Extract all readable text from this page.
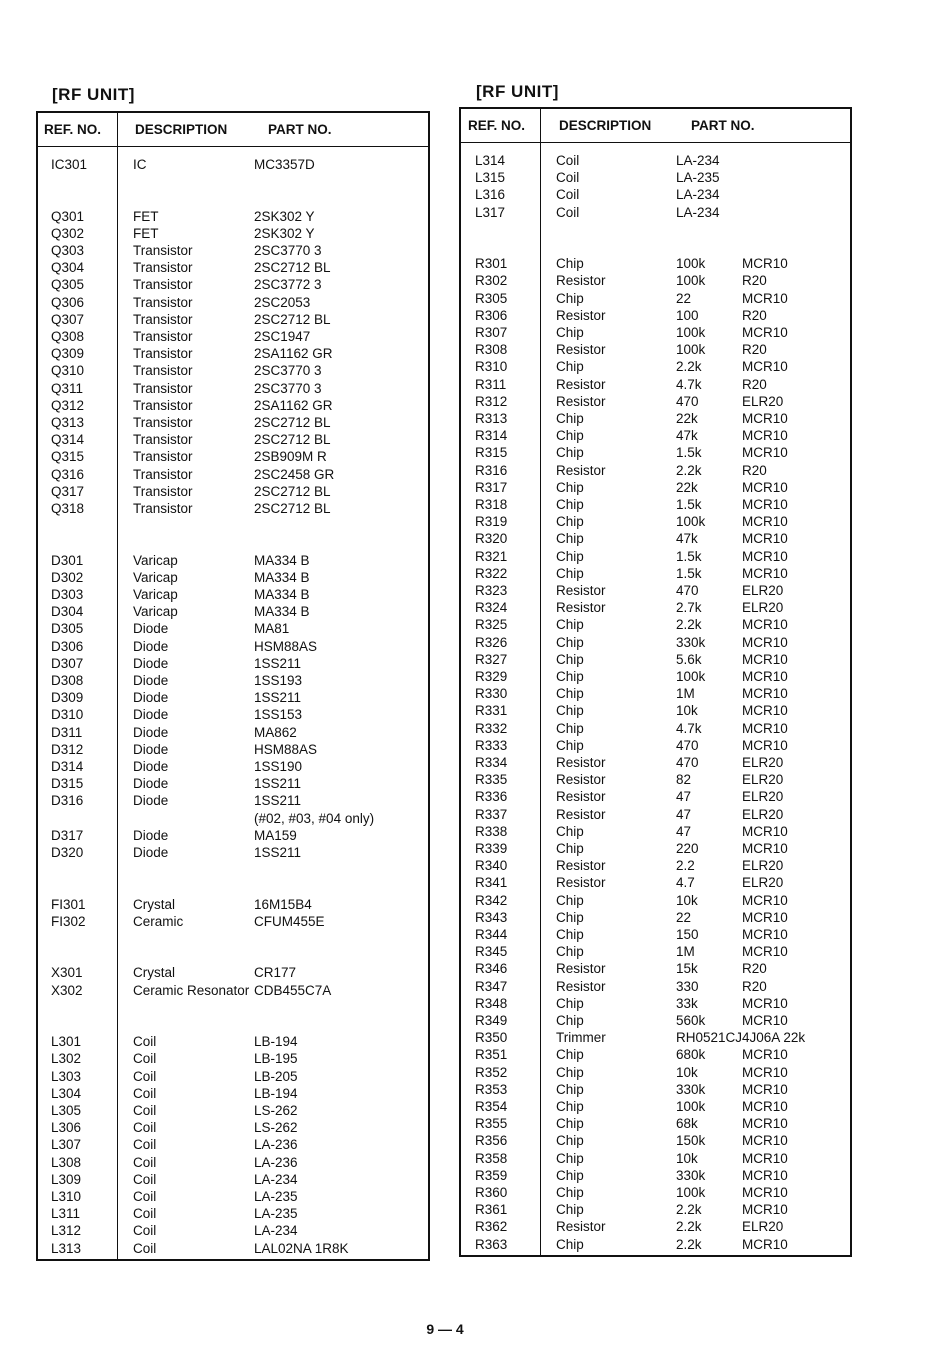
[RF UNIT]
REF. NO.	DESCRIPTION	PART NO.
IC301	IC	MC3357D
Q301	FET	2SK302 Y
Q302	FET	2SK302 Y
Q303	Transistor	2SC3770 3
Q304	Transistor	2SC2712 BL
Q305	Transistor	2SC3772 3
Q306	Transistor	2SC2053
Q307	Transistor	2SC2712 BL
Q308	Transistor	2SC1947
Q309	Transistor	2SA1162 GR
Q310	Transistor	2SC3770 3
Q311	Transistor	2SC3770 3
Q312	Transistor	2SA1162 GR
Q313	Transistor	2SC2712 BL
Q314	Transistor	2SC2712 BL
Q315	Transistor	2SB909M R
Q316	Transistor	2SC2458 GR
Q317	Transistor	2SC2712 BL
Q318	Transistor	2SC2712 BL
D301	Varicap	MA334 B
D302	Varicap	MA334 B
D303	Varicap	MA334 B
D304	Varicap	MA334 B
D305	Diode	MA81
D306	Diode	HSM88AS
D307	Diode	1SS211
D308	Diode	1SS193
D309	Diode	1SS211
D310	Diode	1SS153
D311	Diode	MA862
D312	Diode	HSM88AS
D314	Diode	1SS190
D315	Diode	1SS211
D316	Diode	1SS211
(#02, #03, #04 only)
D317	Diode	MA159
D320	Diode	1SS211
FI301	Crystal	16M15B4
FI302	Ceramic	CFUM455E
X301	Crystal	CR177
X302	Ceramic Resonator CDB455C7A
L301	Coil	LB-194
L302	Coil	LB-195
L303	Coil	LB-205
L304	Coil	LB-194
L305	Coil	LS-262
L306	Coil	LS-262
L307	Coil	LA-236
L308	Coil	LA-236
L309	Coil	LA-234
L310	Coil	LA-235
L311	Coil	LA-235
L312	Coil	LA-234
L313	Coil	LAL02NA 1R8K
[RF UNIT]
REF. NO.	DESCRIPTION	PART NO.
L314	Coil	LA-234
L315	Coil	LA-235
L316	Coil	LA-234
L317	Coil	LA-234
R301	Chip	100k	MCR10
R302	Resistor	100k	R20
R305	Chip	22	MCR10
R306	Resistor	100	R20
R307	Chip	100k	MCR10
R308	Resistor	100k	R20
R310	Chip	2.2k	MCR10
R311	Resistor	4.7k	R20
R312	Resistor	470	ELR20
R313	Chip	22k	MCR10
R314	Chip	47k	MCR10
R315	Chip	1.5k	MCR10
R316	Resistor	2.2k	R20
R317	Chip	22k	MCR10
R318	Chip	1.5k	MCR10
R319	Chip	100k	MCR10
R320	Chip	47k	MCR10
R321	Chip	1.5k	MCR10
R322	Chip	1.5k	MCR10
R323	Resistor	470	ELR20
R324	Resistor	2.7k	ELR20
R325	Chip	2.2k	MCR10
R326	Chip	330k	MCR10
R327	Chip	5.6k	MCR10
R329	Chip	100k	MCR10
R330	Chip	1M	MCR10
R331	Chip	10k	MCR10
R332	Chip	4.7k	MCR10
R333	Chip	470	MCR10
R334	Resistor	470	ELR20
R335	Resistor	82	ELR20
R336	Resistor	47	ELR20
R337	Resistor	47	ELR20
R338	Chip	47	MCR10
R339	Chip	220	MCR10
R340	Resistor	2.2	ELR20
R341	Resistor	4.7	ELR20
R342	Chip	10k	MCR10
R343	Chip	22	MCR10
R344	Chip	150	MCR10
R345	Chip	1M	MCR10
R346	Resistor	15k	R20
R347	Resistor	330	R20
R348	Chip	33k	MCR10
R349	Chip	560k	MCR10
R350	Trimmer	RH0521CJ4J06A 22k
R351	Chip	680k	MCR10
R352	Chip	10k	MCR10
R353	Chip	330k	MCR10
R354	Chip	100k	MCR10
R355	Chip	68k	MCR10
R356	Chip	150k	MCR10
R358	Chip	10k	MCR10
R359	Chip	330k	MCR10
R360	Chip	100k	MCR10
R361	Chip	2.2k	MCR10
R362	Resistor	2.2k	ELR20
R363	Chip	2.2k	MCR10
9 — 4
